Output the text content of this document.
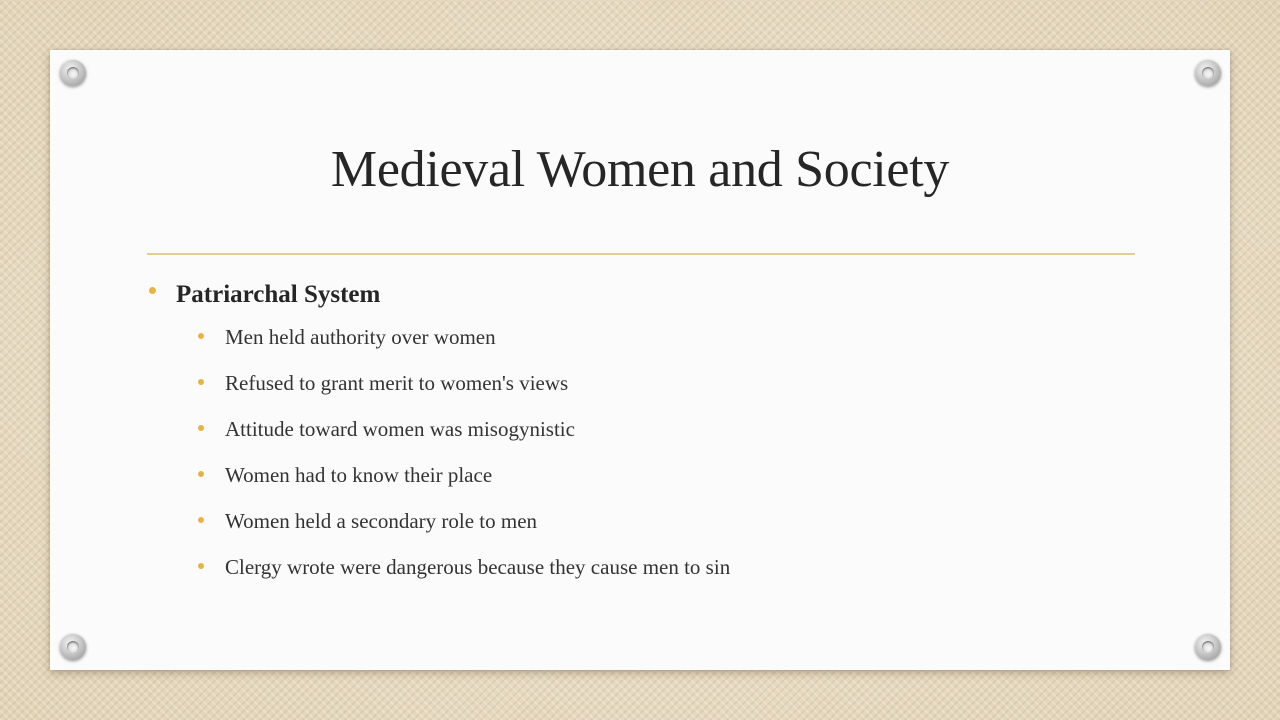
Medieval Women and Society
Patriarchal System
Men held authority over women
Refused to grant merit to women's views
Attitude toward women was misogynistic
Women had to know their place
Women held a secondary role to men
Clergy wrote were dangerous because they cause men to sin
